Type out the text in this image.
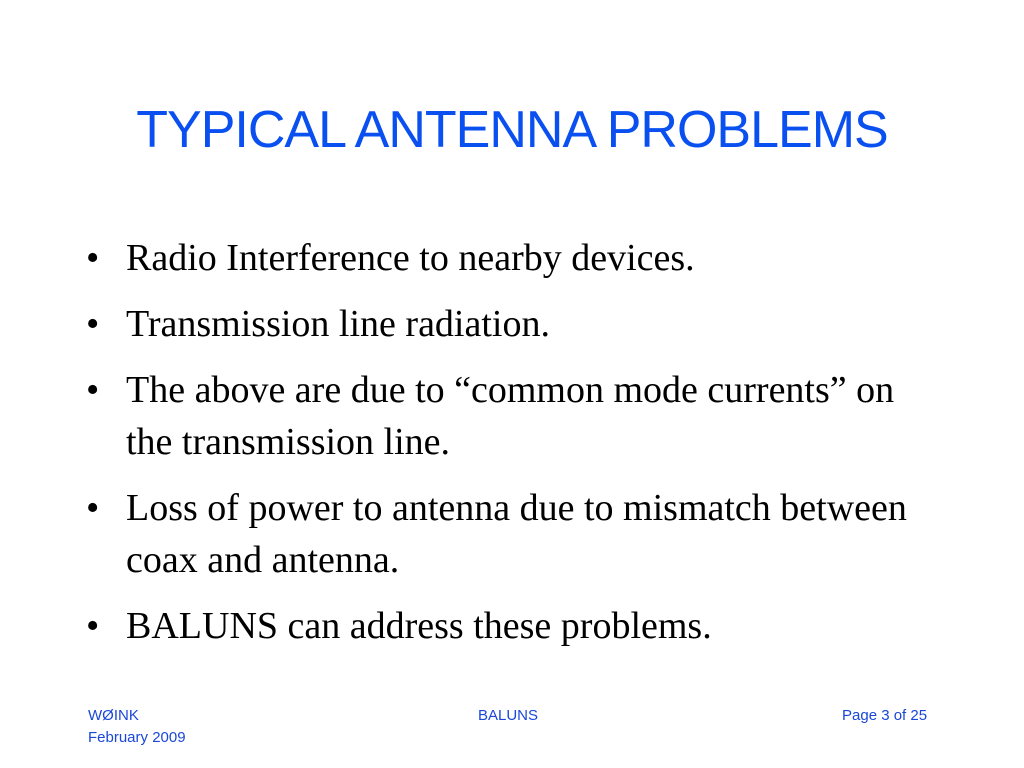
TYPICAL ANTENNA PROBLEMS
• Radio Interference to nearby devices.
• Transmission line radiation.
• The above are due to “common mode currents” on the transmission line.
• Loss of power to antenna due to mismatch between coax and antenna.
• BALUNS can address these problems.
WØINK
February 2009
BALUNS	Page 3 of 25
